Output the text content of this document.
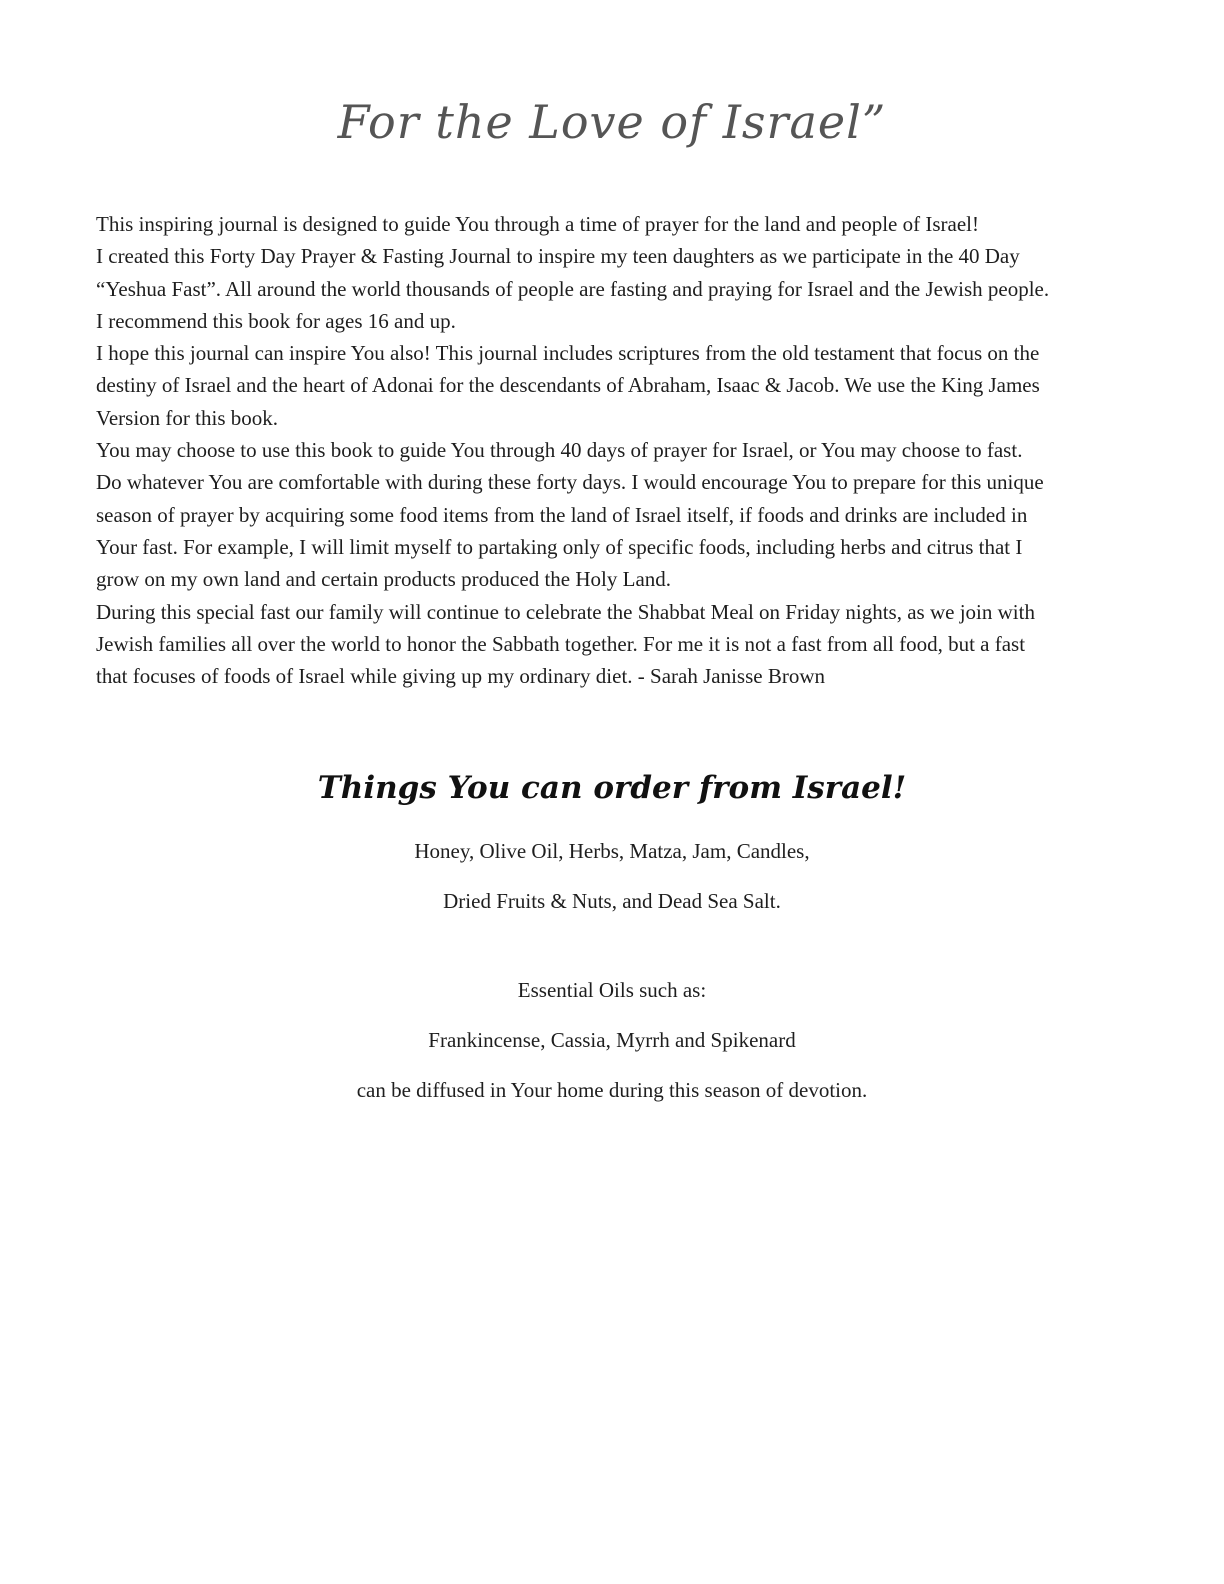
For the Love of Israel”

This inspiring journal is designed to guide You through a time of prayer for the land and people of Israel!

I created this Forty Day Prayer & Fasting Journal to inspire my teen daughters as we participate in the 40 Day

“Yeshua Fast”. All around the world thousands of people are fasting and praying for Israel and the Jewish people.

I recommend this book for ages 16 and up.

I hope this journal can inspire You also! This journal includes scriptures from the old testament that focus on the

destiny of Israel and the heart of Adonai for the descendants of Abraham, Isaac & Jacob. We use the King James

Version for this book.

You may choose to use this book to guide You through 40 days of prayer for Israel, or You may choose to fast.

Do whatever You are comfortable with during these forty days. I would encourage You to prepare for this unique

season of prayer by acquiring some food items from the land of Israel itself, if foods and drinks are included in

Your fast. For example, I will limit myself to partaking only of specific foods, including herbs and citrus that I

grow on my own land and certain products produced the Holy Land.

During this special fast our family will continue to celebrate the Shabbat Meal on Friday nights, as we join with

Jewish families all over the world to honor the Sabbath together. For me it is not a fast from all food, but a fast

that focuses of foods of Israel while giving up my ordinary diet. - Sarah Janisse Brown

Things You can order from Israel!

Honey, Olive Oil, Herbs, Matza, Jam, Candles,

Dried Fruits & Nuts, and Dead Sea Salt.

Essential Oils such as:

Frankincense, Cassia, Myrrh and Spikenard

can be diffused in Your home during this season of devotion.
